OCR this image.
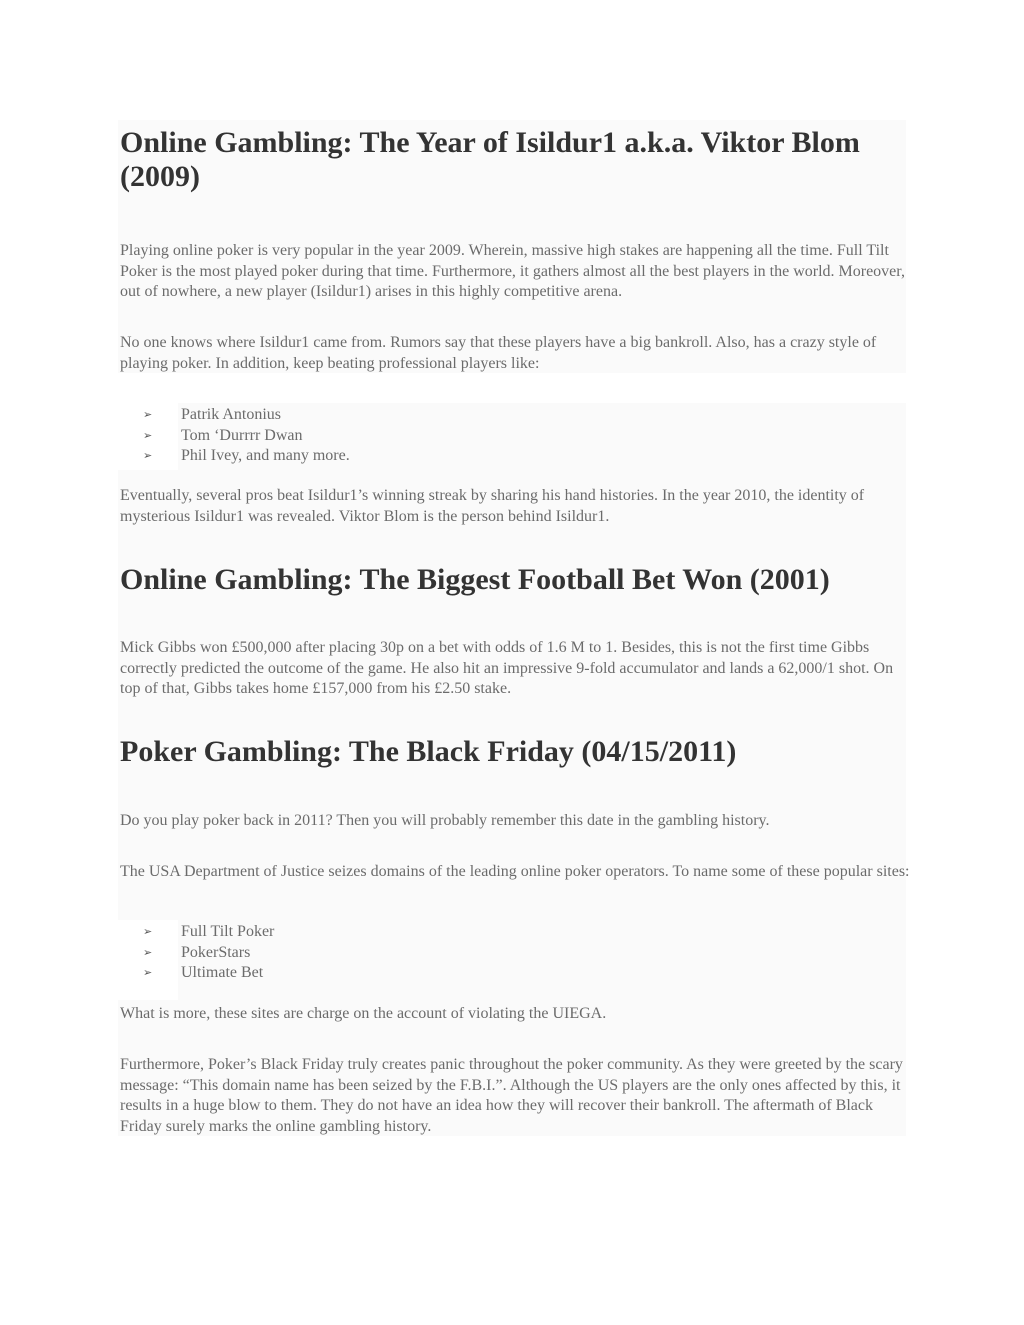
Online Gambling: The Year of Isildur1 a.k.a. Viktor Blom (2009)

Playing online poker is very popular in the year 2009. Wherein, massive high stakes are happening all the time. Full Tilt Poker is the most played poker during that time. Furthermore, it gathers almost all the best players in the world. Moreover, out of nowhere, a new player (Isildur1) arises in this highly competitive arena.

No one knows where Isildur1 came from. Rumors say that these players have a big bankroll. Also, has a crazy style of playing poker. In addition, keep beating professional players like:

➢ Patrik Antonius
➢ Tom ‘Durrrr Dwan
➢ Phil Ivey, and many more.

Eventually, several pros beat Isildur1’s winning streak by sharing his hand histories. In the year 2010, the identity of mysterious Isildur1 was revealed. Viktor Blom is the person behind Isildur1.

Online Gambling: The Biggest Football Bet Won (2001)

Mick Gibbs won £500,000 after placing 30p on a bet with odds of 1.6 M to 1. Besides, this is not the first time Gibbs correctly predicted the outcome of the game. He also hit an impressive 9-fold accumulator and lands a 62,000/1 shot. On top of that, Gibbs takes home £157,000 from his £2.50 stake.

Poker Gambling: The Black Friday (04/15/2011)

Do you play poker back in 2011? Then you will probably remember this date in the gambling history.

The USA Department of Justice seizes domains of the leading online poker operators. To name some of these popular sites:

➢ Full Tilt Poker
➢ PokerStars
➢ Ultimate Bet

What is more, these sites are charge on the account of violating the UIEGA.

Furthermore, Poker’s Black Friday truly creates panic throughout the poker community. As they were greeted by the scary message: “This domain name has been seized by the F.B.I.”. Although the US players are the only ones affected by this, it results in a huge blow to them. They do not have an idea how they will recover their bankroll. The aftermath of Black Friday surely marks the online gambling history.
